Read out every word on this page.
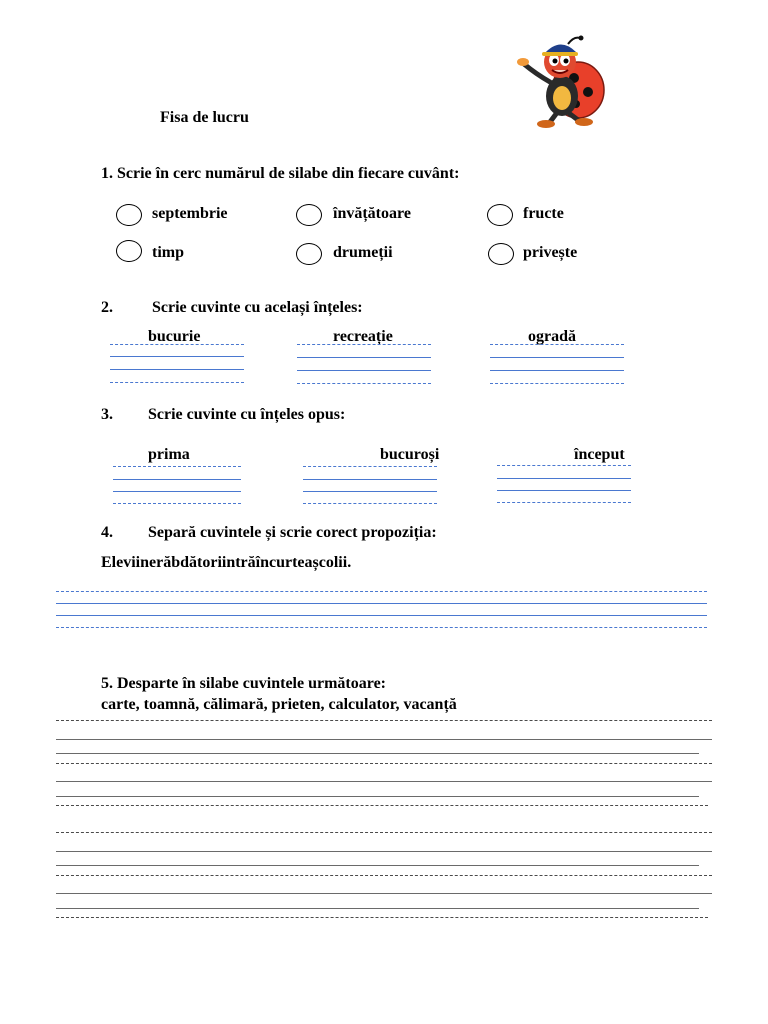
Fisa de lucru
1. Scrie în cerc numărul de silabe din fiecare cuvânt:
septembrie	învățătoare	fructe
timp	drumeții	privește
2. Scrie cuvinte cu același înțeles:
bucurie	recreație	ogradă
3. Scrie cuvinte cu înțeles opus:
prima	bucuroși	început
4. Separă cuvintele și scrie corect propoziția:
Eleviinerăbdătoriintrăîncurteașcolii.
5. Desparte în silabe cuvintele următoare:
carte, toamnă, călimară, prieten, calculator, vacanță
